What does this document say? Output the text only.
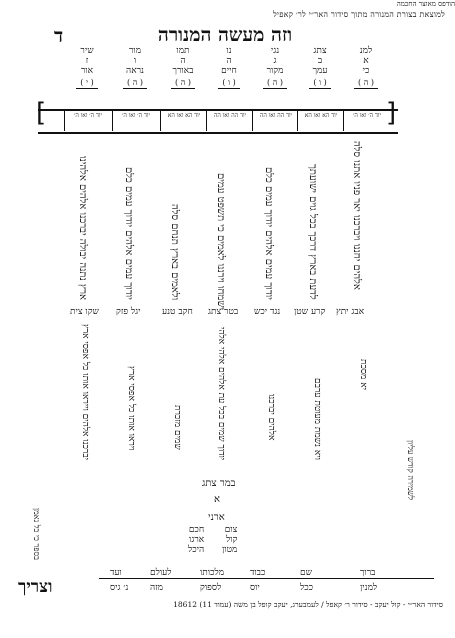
למוצאת בצורת המנורה מתוך סידור האר״י לר׳ קאפיל
וזה מעשה המנורה
ד
למנ
א
כי
( ה )
צתג
ב
עמך
( ו )
נגי
ג
מקור
( ה )
נו
ה
חיים
( ו )
תמו
ה
באורך
( ה )
מור
ו
נראה
( ה )
שיר
ז
אור
( י )
]
[	יוד ה׳ ואו ה׳
יוד הא ואו הא
יוד הה ואו הה
יוד הה ואו הה
יוד הא ואו הא
יוד ה׳ ואו ה׳
יוד ה׳ ואו ה׳
אלהים יחננו ויברכנו יאר פניו אתנו סלה
לדעת בארץ דרכך בכל גוים ישועתך
יודוך עמים אלהים יודוך עמים כלם
ישמחו וירננו לאמים כי תשפט עמים
ולאמים בארץ תנחם סלה
יודוך עמים אלהים יודוך עמים כלם
ארץ נתנה יבולה יברכנו אלהים אלהינו
אבג יתץ
קרע שטן
נגד יכש
בטר צתג
חקב טנע
יגל פזק
שקו צית
יא מסכת
ויא נשמת מעוטת ערבם
אלהים יברכנו
יודוך שמים בכל עת אלהים אלהי אלהי
שמים מזכרת
ויראו אותו כל אפסי ארץ
יברכנו אלהים וייראו אותו כל אפסי ארץ
לשמירה קודש עליון
בספר כי כל נאמן
במר צתג
א
ארני
חכם
ארגו
היכל
צום
קול
מטון
וצריך
ברוך
שם
כבוד
מלכותו
לעולם
ועד
למנין
ככל
יוס
לספוק
מזה
נ׳ גיס
סידור האר״י - קול יעקב - סידור ר׳ קאפל / לעמבערג, יעקב קופל בן משה (עמוד 11) 18612
הודפס מאוצר החכמה
